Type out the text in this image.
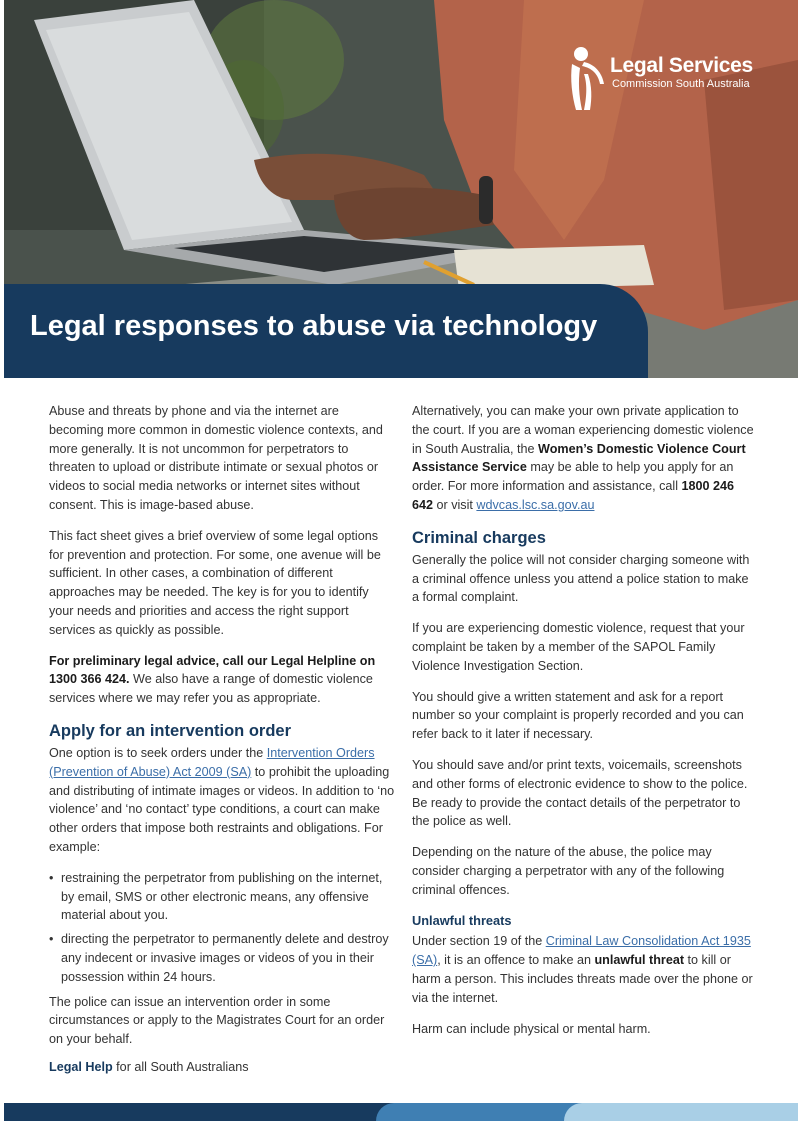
Legal Services
Commission South Australia
Legal responses to abuse via technology

Abuse and threats by phone and via the internet are becoming more common in domestic violence contexts, and more generally. It is not uncommon for perpetrators to threaten to upload or distribute intimate or sexual photos or videos to social media networks or internet sites without consent. This is image-based abuse.

This fact sheet gives a brief overview of some legal options for prevention and protection. For some, one avenue will be sufficient. In other cases, a combination of different approaches may be needed. The key is for you to identify your needs and priorities and access the right support services as quickly as possible.

For preliminary legal advice, call our Legal Helpline on 1300 366 424. We also have a range of domestic violence services where we may refer you as appropriate.

Apply for an intervention order

One option is to seek orders under the Intervention Orders (Prevention of Abuse) Act 2009 (SA) to prohibit the uploading and distributing of intimate images or videos. In addition to ‘no violence’ and ‘no contact’ type conditions, a court can make other orders that impose both restraints and obligations. For example:

• restraining the perpetrator from publishing on the internet, by email, SMS or other electronic means, any offensive material about you.
• directing the perpetrator to permanently delete and destroy any indecent or invasive images or videos of you in their possession within 24 hours.

The police can issue an intervention order in some circumstances or apply to the Magistrates Court for an order on your behalf.

Alternatively, you can make your own private application to the court. If you are a woman experiencing domestic violence in South Australia, the Women’s Domestic Violence Court Assistance Service may be able to help you apply for an order. For more information and assistance, call 1800 246 642 or visit wdvcas.lsc.sa.gov.au

Criminal charges

Generally the police will not consider charging someone with a criminal offence unless you attend a police station to make a formal complaint.

If you are experiencing domestic violence, request that your complaint be taken by a member of the SAPOL Family Violence Investigation Section.

You should give a written statement and ask for a report number so your complaint is properly recorded and you can refer back to it later if necessary.

You should save and/or print texts, voicemails, screenshots and other forms of electronic evidence to show to the police. Be ready to provide the contact details of the perpetrator to the police as well.

Depending on the nature of the abuse, the police may consider charging a perpetrator with any of the following criminal offences.

Unlawful threats

Under section 19 of the Criminal Law Consolidation Act 1935 (SA), it is an offence to make an unlawful threat to kill or harm a person. This includes threats made over the phone or via the internet.

Harm can include physical or mental harm.

Legal Help for all South Australians
